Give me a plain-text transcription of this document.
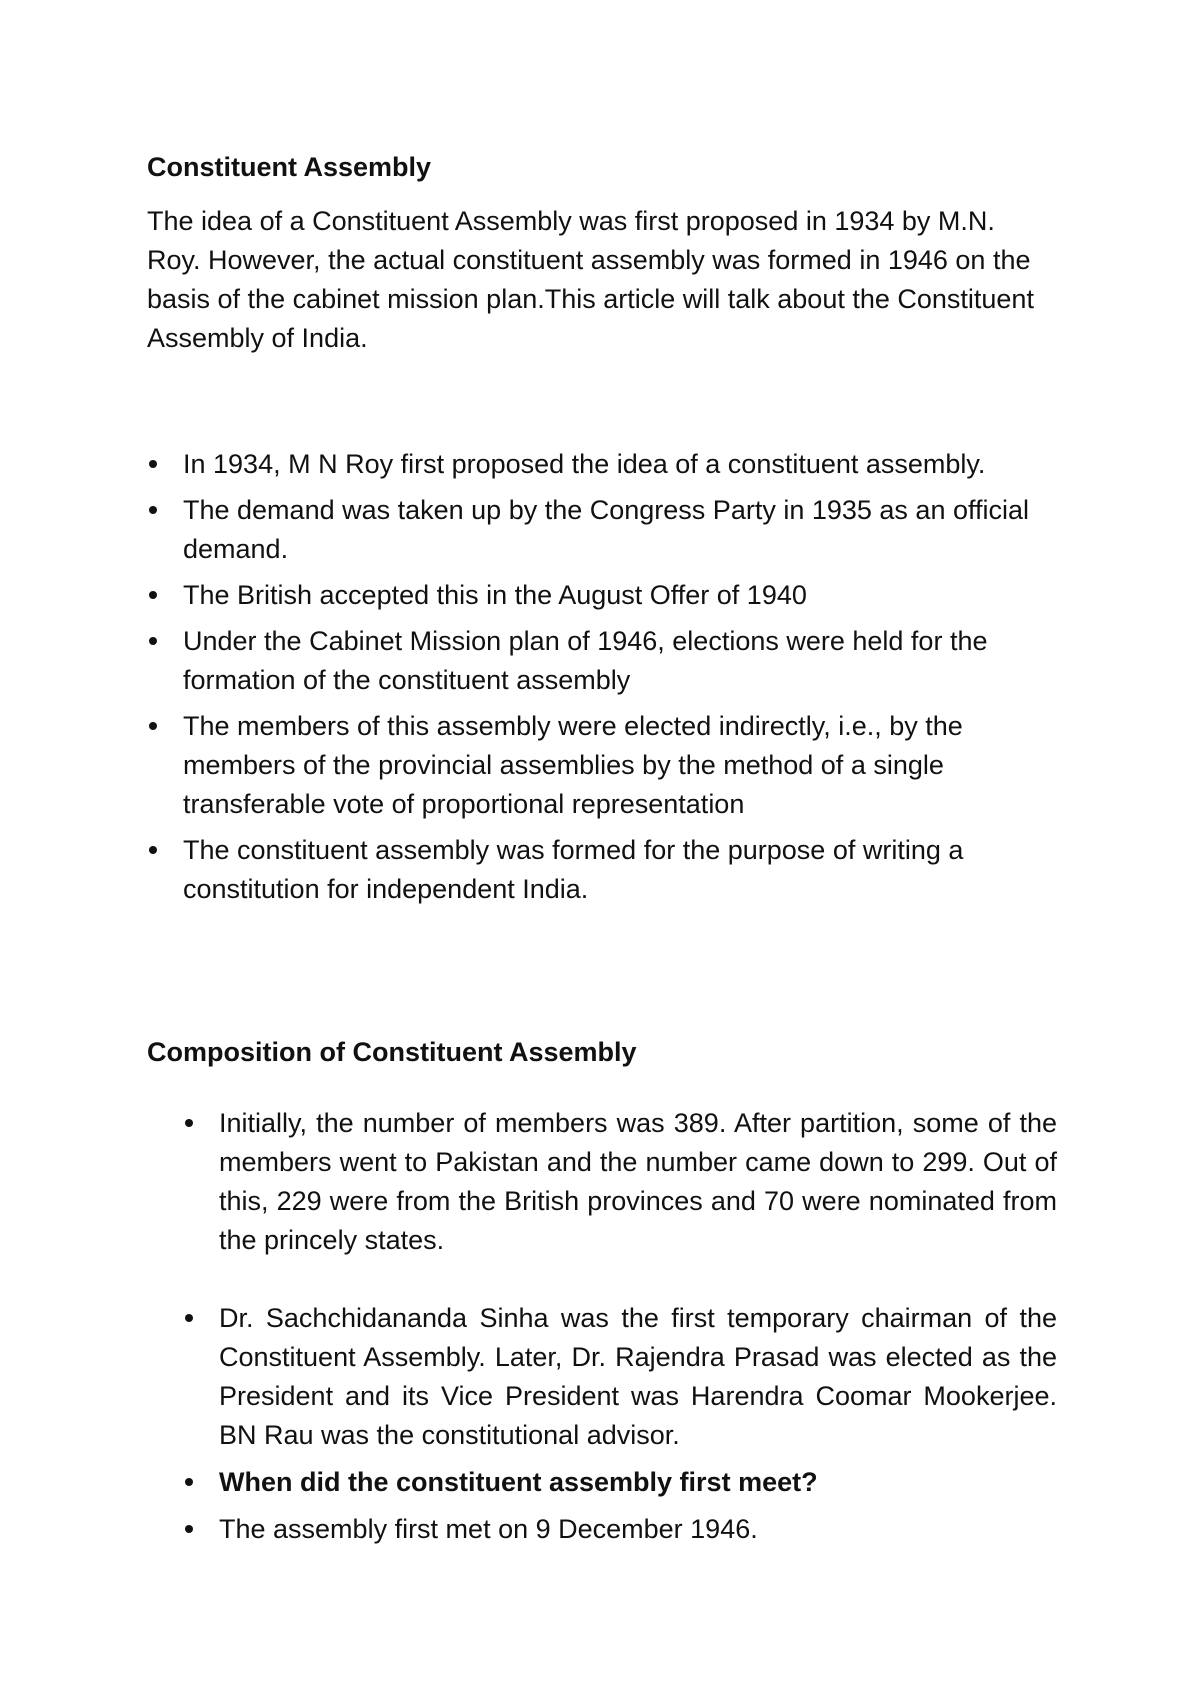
Constituent Assembly

The idea of a Constituent Assembly was first proposed in 1934 by M.N. Roy. However, the actual constituent assembly was formed in 1946 on the basis of the cabinet mission plan.This article will talk about the Constituent Assembly of India.

In 1934, M N Roy first proposed the idea of a constituent assembly.
The demand was taken up by the Congress Party in 1935 as an official demand.
The British accepted this in the August Offer of 1940
Under the Cabinet Mission plan of 1946, elections were held for the formation of the constituent assembly
The members of this assembly were elected indirectly, i.e., by the members of the provincial assemblies by the method of a single transferable vote of proportional representation
The constituent assembly was formed for the purpose of writing a constitution for independent India.
Composition of Constituent Assembly
Initially, the number of members was 389. After partition, some of the members went to Pakistan and the number came down to 299. Out of this, 229 were from the British provinces and 70 were nominated from the princely states.
Dr. Sachchidananda Sinha was the first temporary chairman of the Constituent Assembly. Later, Dr. Rajendra Prasad was elected as the President and its Vice President was Harendra Coomar Mookerjee. BN Rau was the constitutional advisor.
When did the constituent assembly first meet?
The assembly first met on 9 December 1946.
